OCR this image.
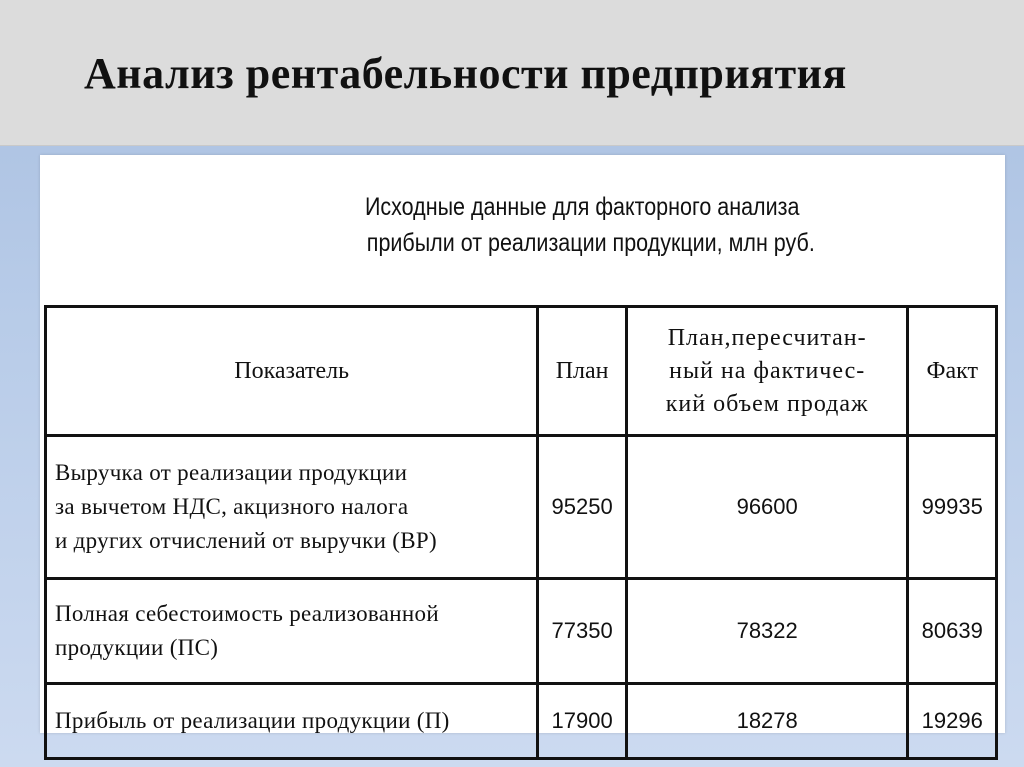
Анализ рентабельности предприятия
Исходные данные для факторного анализа
прибыли от реализации продукции, млн руб.
Показатель	План	План,пересчитан-
ный на фактичес-
кий объем продаж	Факт
Выручка от реализации продукции
за вычетом НДС, акцизного налога
и других отчислений от выручки (ВР)	95250	96600	99935
Полная себестоимость реализованной
продукции (ПС)	77350	78322	80639
Прибыль от реализации продукции (П)	17900	18278	19296
